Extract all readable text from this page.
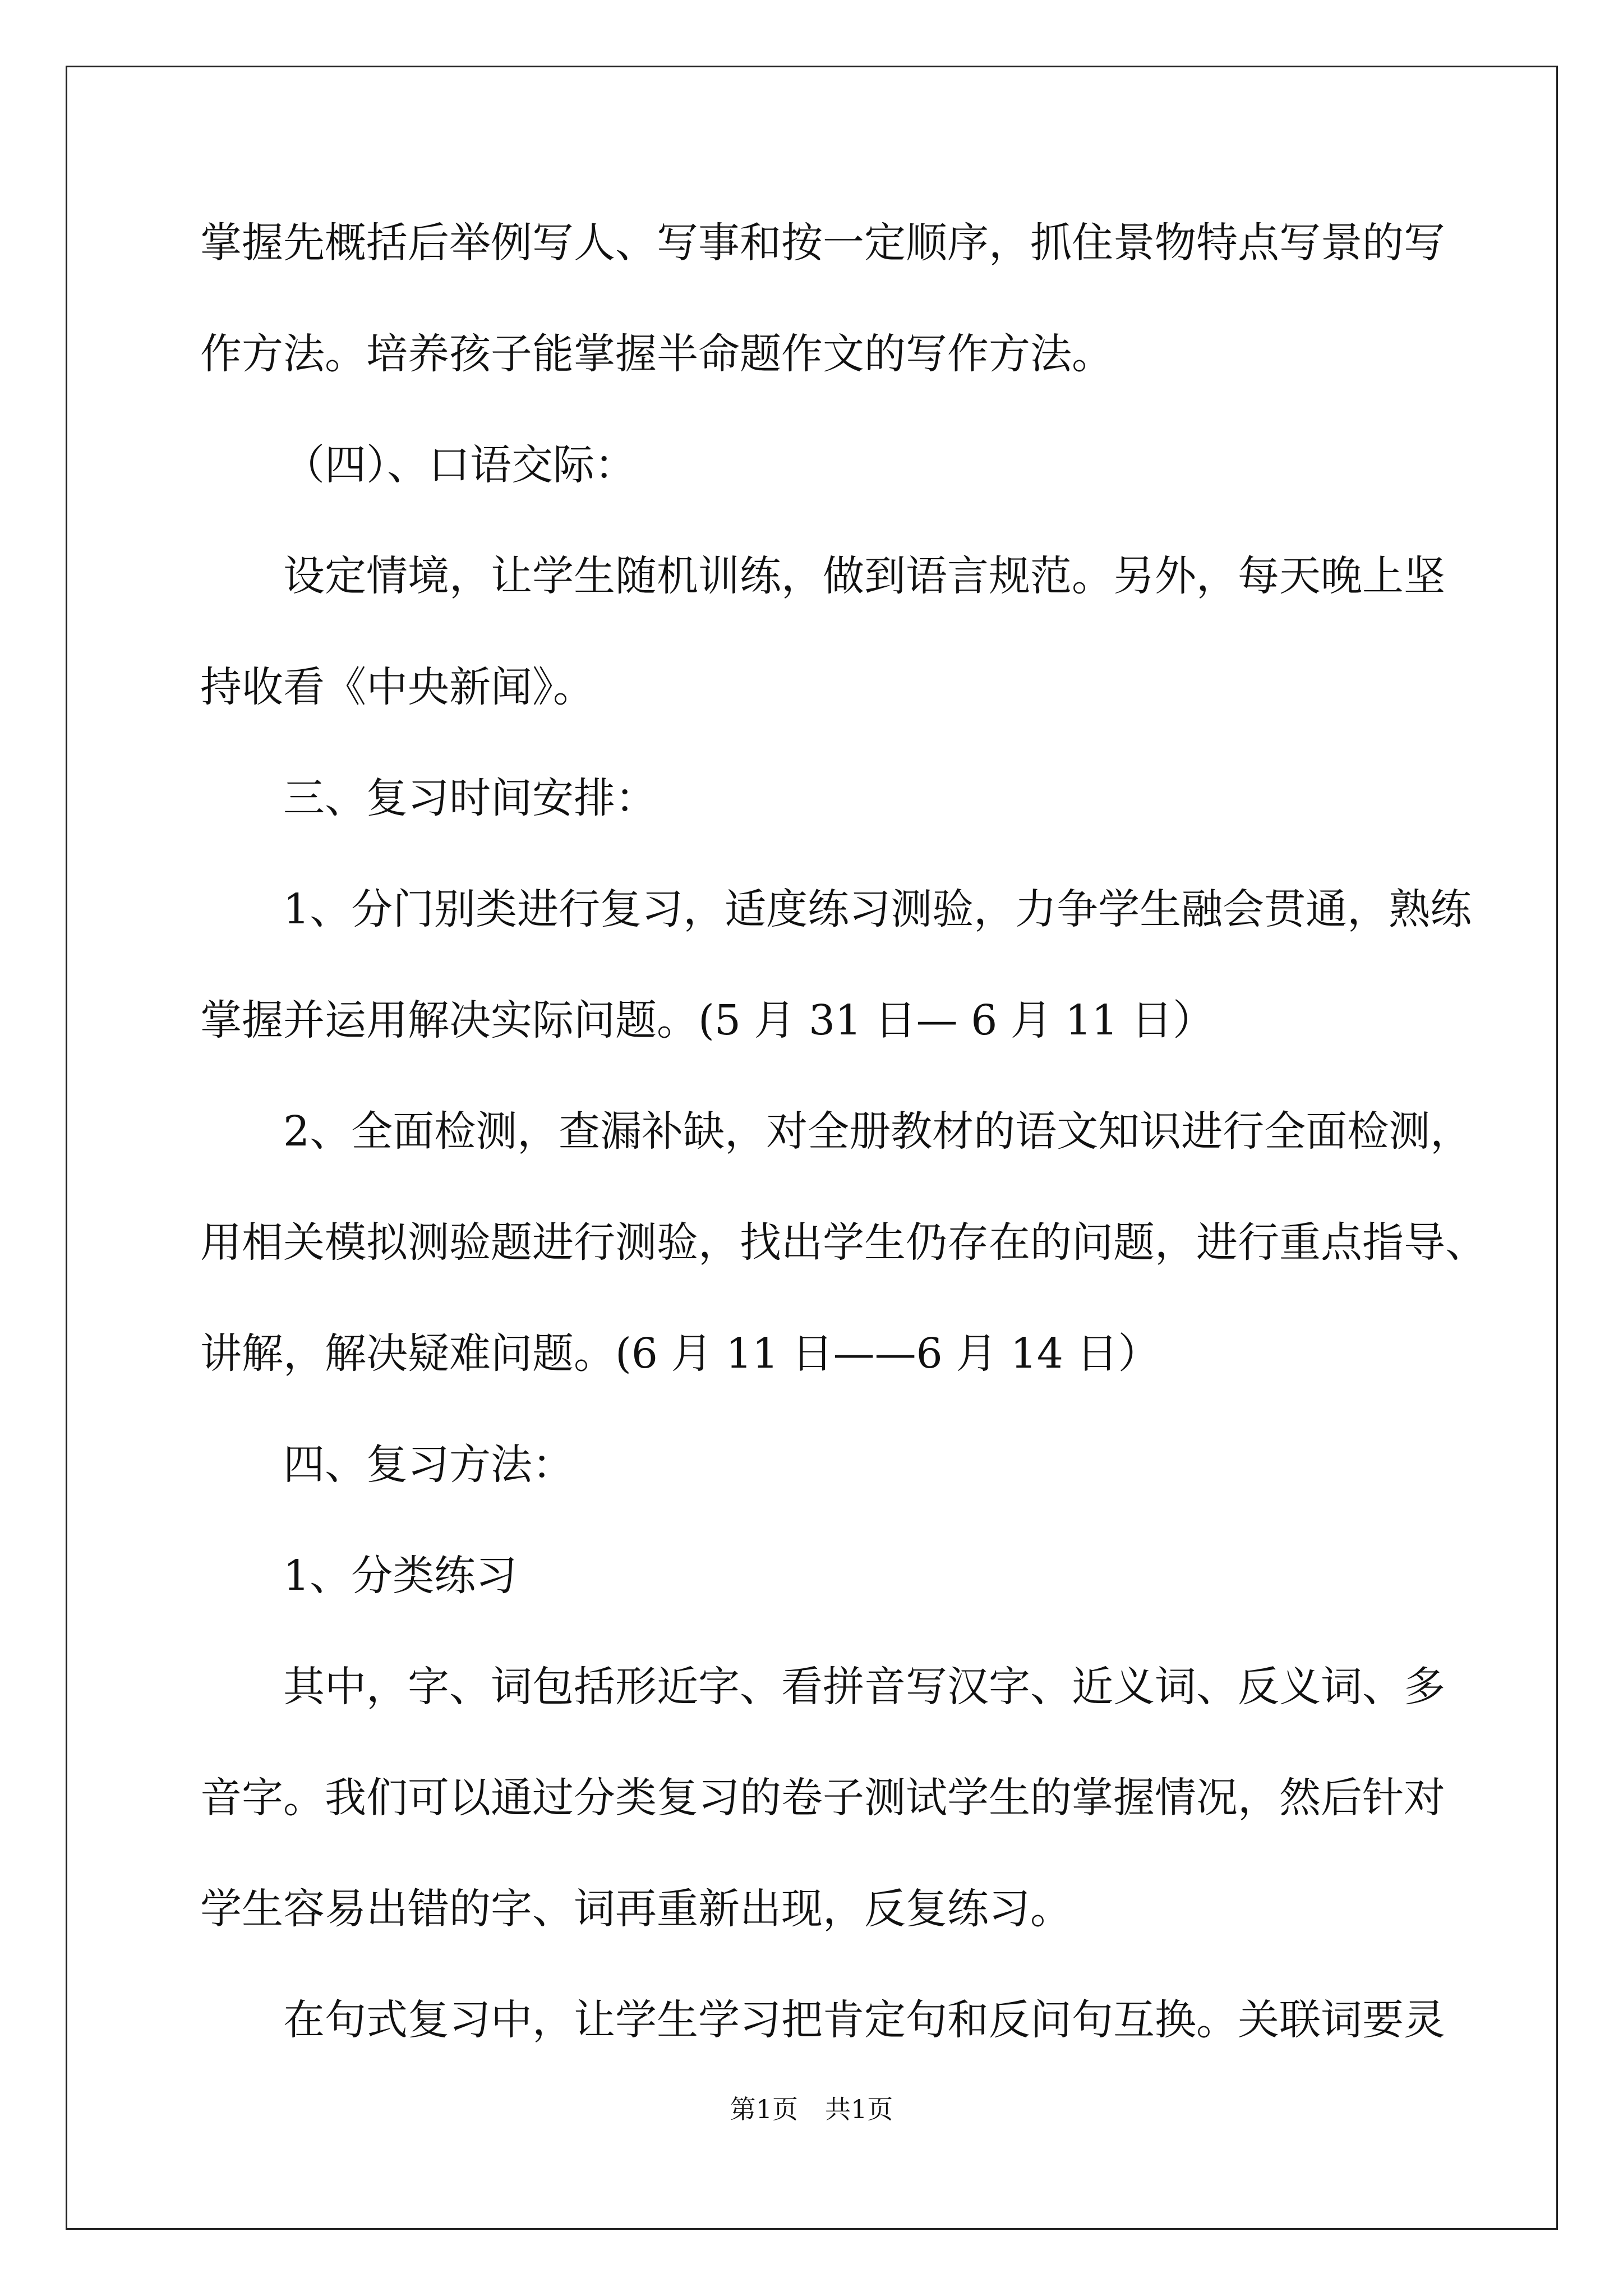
掌握先概括后举例写人、写事和按一定顺序，抓住景物特点写景的写
作方法。培养孩子能掌握半命题作文的写作方法。
（四）、口语交际：
设定情境，让学生随机训练，做到语言规范。另外，每天晚上坚
持收看《中央新闻》。
三、复习时间安排：
1、分门别类进行复习，适度练习测验，力争学生融会贯通，熟练
掌握并运用解决实际问题。(5 月 31 日— 6 月 11 日）
2、全面检测，查漏补缺，对全册教材的语文知识进行全面检测，
用相关模拟测验题进行测验，找出学生仍存在的问题，进行重点指导、
讲解，解决疑难问题。(6 月 11 日——6 月 14 日）
四、复习方法：
1、分类练习
其中，字、词包括形近字、看拼音写汉字、近义词、反义词、多
音字。我们可以通过分类复习的卷子测试学生的掌握情况，然后针对
学生容易出错的字、词再重新出现，反复练习。
在句式复习中，让学生学习把肯定句和反问句互换。关联词要灵
第1页 共1页
